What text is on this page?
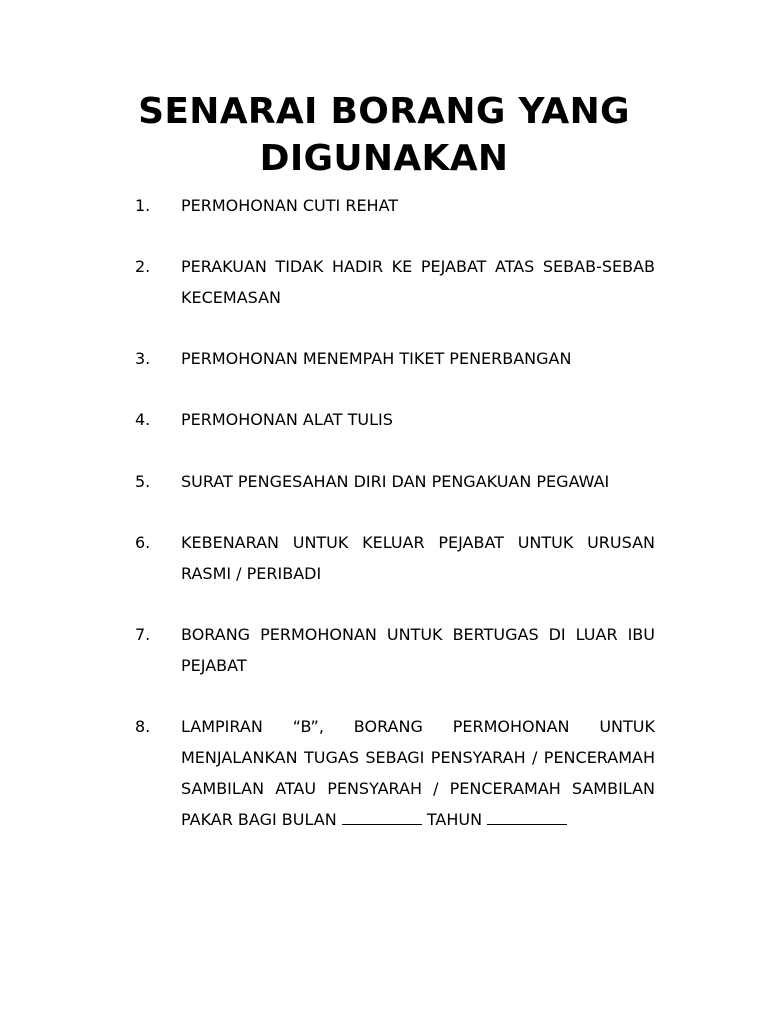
SENARAI BORANG YANG
DIGUNAKAN
1.	PERMOHONAN CUTI REHAT
2.	PERAKUAN TIDAK HADIR KE PEJABAT ATAS SEBAB-SEBAB KECEMASAN
3.	PERMOHONAN MENEMPAH TIKET PENERBANGAN
4.	PERMOHONAN ALAT TULIS
5.	SURAT PENGESAHAN DIRI DAN PENGAKUAN PEGAWAI
6.	KEBENARAN UNTUK KELUAR PEJABAT UNTUK URUSAN RASMI / PERIBADI
7.	BORANG PERMOHONAN UNTUK BERTUGAS DI LUAR IBU PEJABAT
8.	LAMPIRAN “B”, BORANG PERMOHONAN UNTUK MENJALANKAN TUGAS SEBAGI PENSYARAH / PENCERAMAH SAMBILAN ATAU PENSYARAH / PENCERAMAH SAMBILAN PAKAR BAGI BULAN	TAHUN
